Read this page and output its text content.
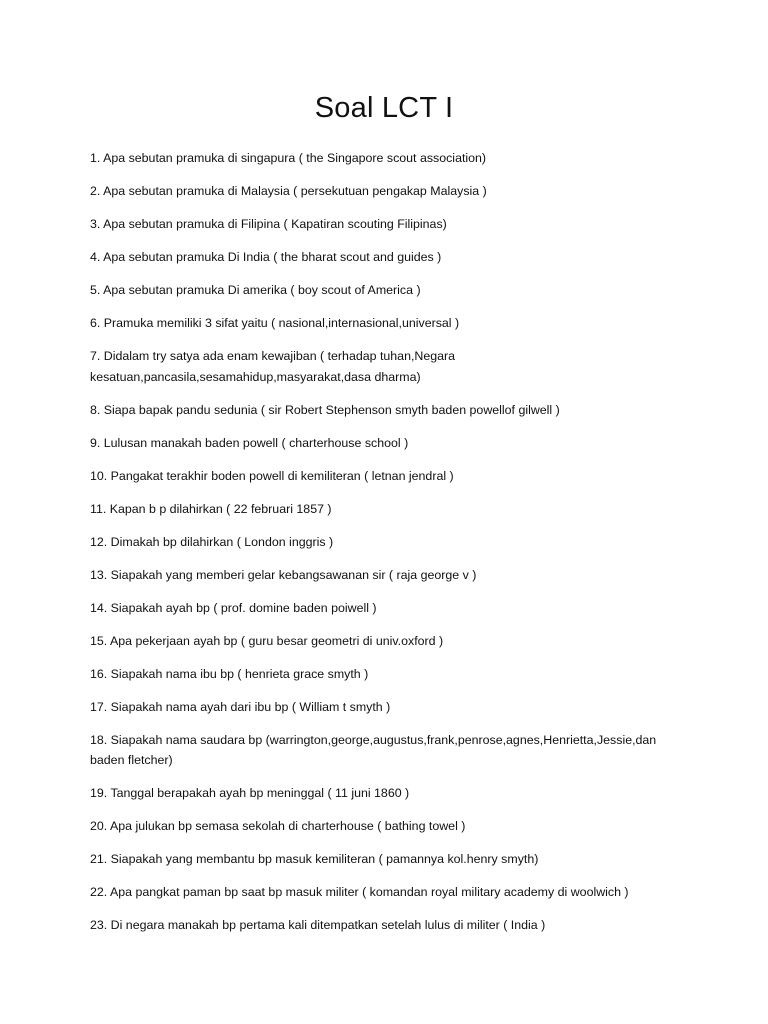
Soal LCT I
1. Apa sebutan pramuka di singapura ( the Singapore scout association)
2. Apa sebutan pramuka di Malaysia ( persekutuan pengakap Malaysia )
3. Apa sebutan pramuka di Filipina ( Kapatiran scouting Filipinas)
4. Apa sebutan pramuka Di India ( the bharat scout and guides )
5. Apa sebutan pramuka Di amerika ( boy scout of America )
6. Pramuka memiliki 3 sifat yaitu ( nasional,internasional,universal )
7. Didalam try satya ada enam kewajiban ( terhadap tuhan,Negara kesatuan,pancasila,sesamahidup,masyarakat,dasa dharma)
8. Siapa bapak pandu sedunia ( sir Robert Stephenson smyth baden powellof gilwell )
9. Lulusan manakah baden powell ( charterhouse school )
10. Pangakat terakhir boden powell di kemiliteran ( letnan jendral )
11. Kapan b p dilahirkan ( 22 februari 1857 )
12. Dimakah bp dilahirkan ( London inggris )
13. Siapakah yang memberi gelar kebangsawanan sir ( raja george v )
14. Siapakah ayah bp ( prof. domine baden poiwell )
15. Apa pekerjaan ayah bp ( guru besar geometri di univ.oxford )
16. Siapakah nama ibu bp ( henrieta grace smyth )
17. Siapakah nama ayah dari ibu bp ( William t smyth )
18. Siapakah nama saudara bp (warrington,george,augustus,frank,penrose,agnes,Henrietta,Jessie,dan baden fletcher)
19. Tanggal berapakah ayah bp meninggal ( 11 juni 1860 )
20. Apa julukan bp semasa sekolah di charterhouse ( bathing towel )
21. Siapakah yang membantu bp masuk kemiliteran ( pamannya kol.henry smyth)
22. Apa pangkat paman bp saat bp masuk militer ( komandan royal military academy di woolwich )
23. Di negara manakah bp pertama kali ditempatkan setelah lulus di militer ( India )
